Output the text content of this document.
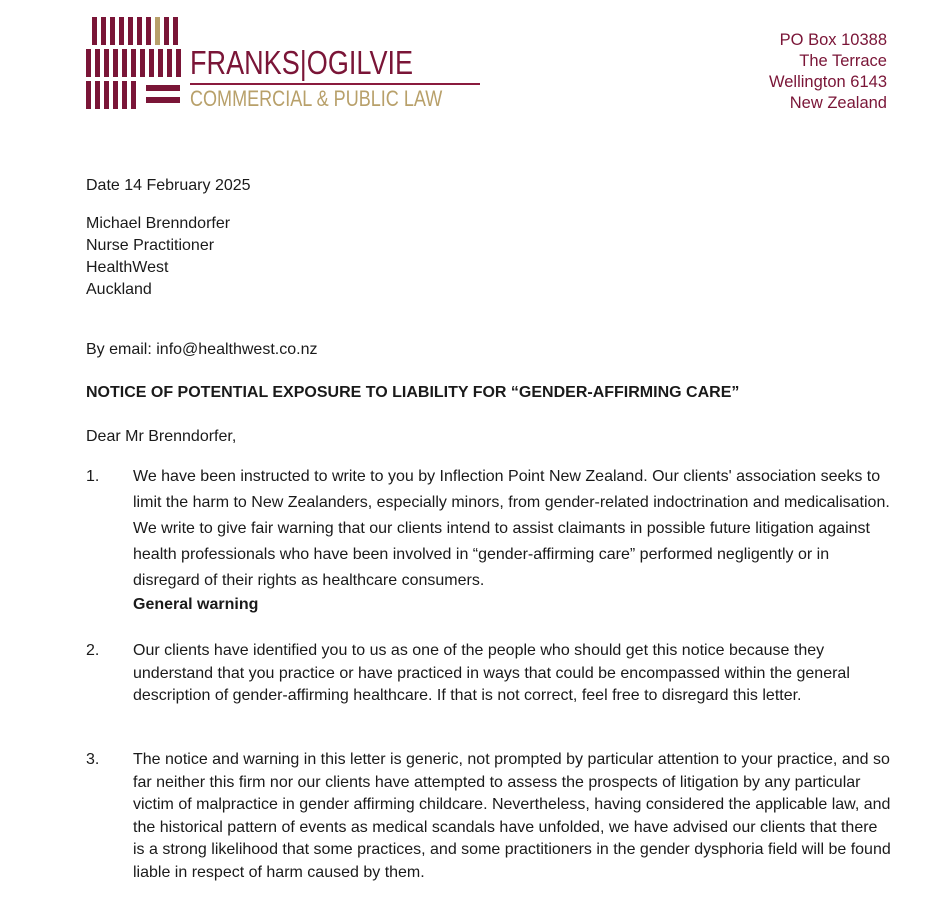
FRANKS|OGILVIE
COMMERCIAL & PUBLIC LAW
PO Box 10388
The Terrace
Wellington 6143
New Zealand
Date 14 February 2025
Michael Brenndorfer
Nurse Practitioner
HealthWest
Auckland
By email: info@healthwest.co.nz
NOTICE OF POTENTIAL EXPOSURE TO LIABILITY FOR “GENDER-AFFIRMING CARE”
Dear Mr Brenndorfer,
1. We have been instructed to write to you by Inflection Point New Zealand. Our clients' association seeks to limit the harm to New Zealanders, especially minors, from gender-related indoctrination and medicalisation. We write to give fair warning that our clients intend to assist claimants in possible future litigation against health professionals who have been involved in “gender-affirming care” performed negligently or in disregard of their rights as healthcare consumers.
General warning
2. Our clients have identified you to us as one of the people who should get this notice because they understand that you practice or have practiced in ways that could be encompassed within the general description of gender-affirming healthcare. If that is not correct, feel free to disregard this letter.
3. The notice and warning in this letter is generic, not prompted by particular attention to your practice, and so far neither this firm nor our clients have attempted to assess the prospects of litigation by any particular victim of malpractice in gender affirming childcare. Nevertheless, having considered the applicable law, and the historical pattern of events as medical scandals have unfolded, we have advised our clients that there is a strong likelihood that some practices, and some practitioners in the gender dysphoria field will be found liable in respect of harm caused by them.
